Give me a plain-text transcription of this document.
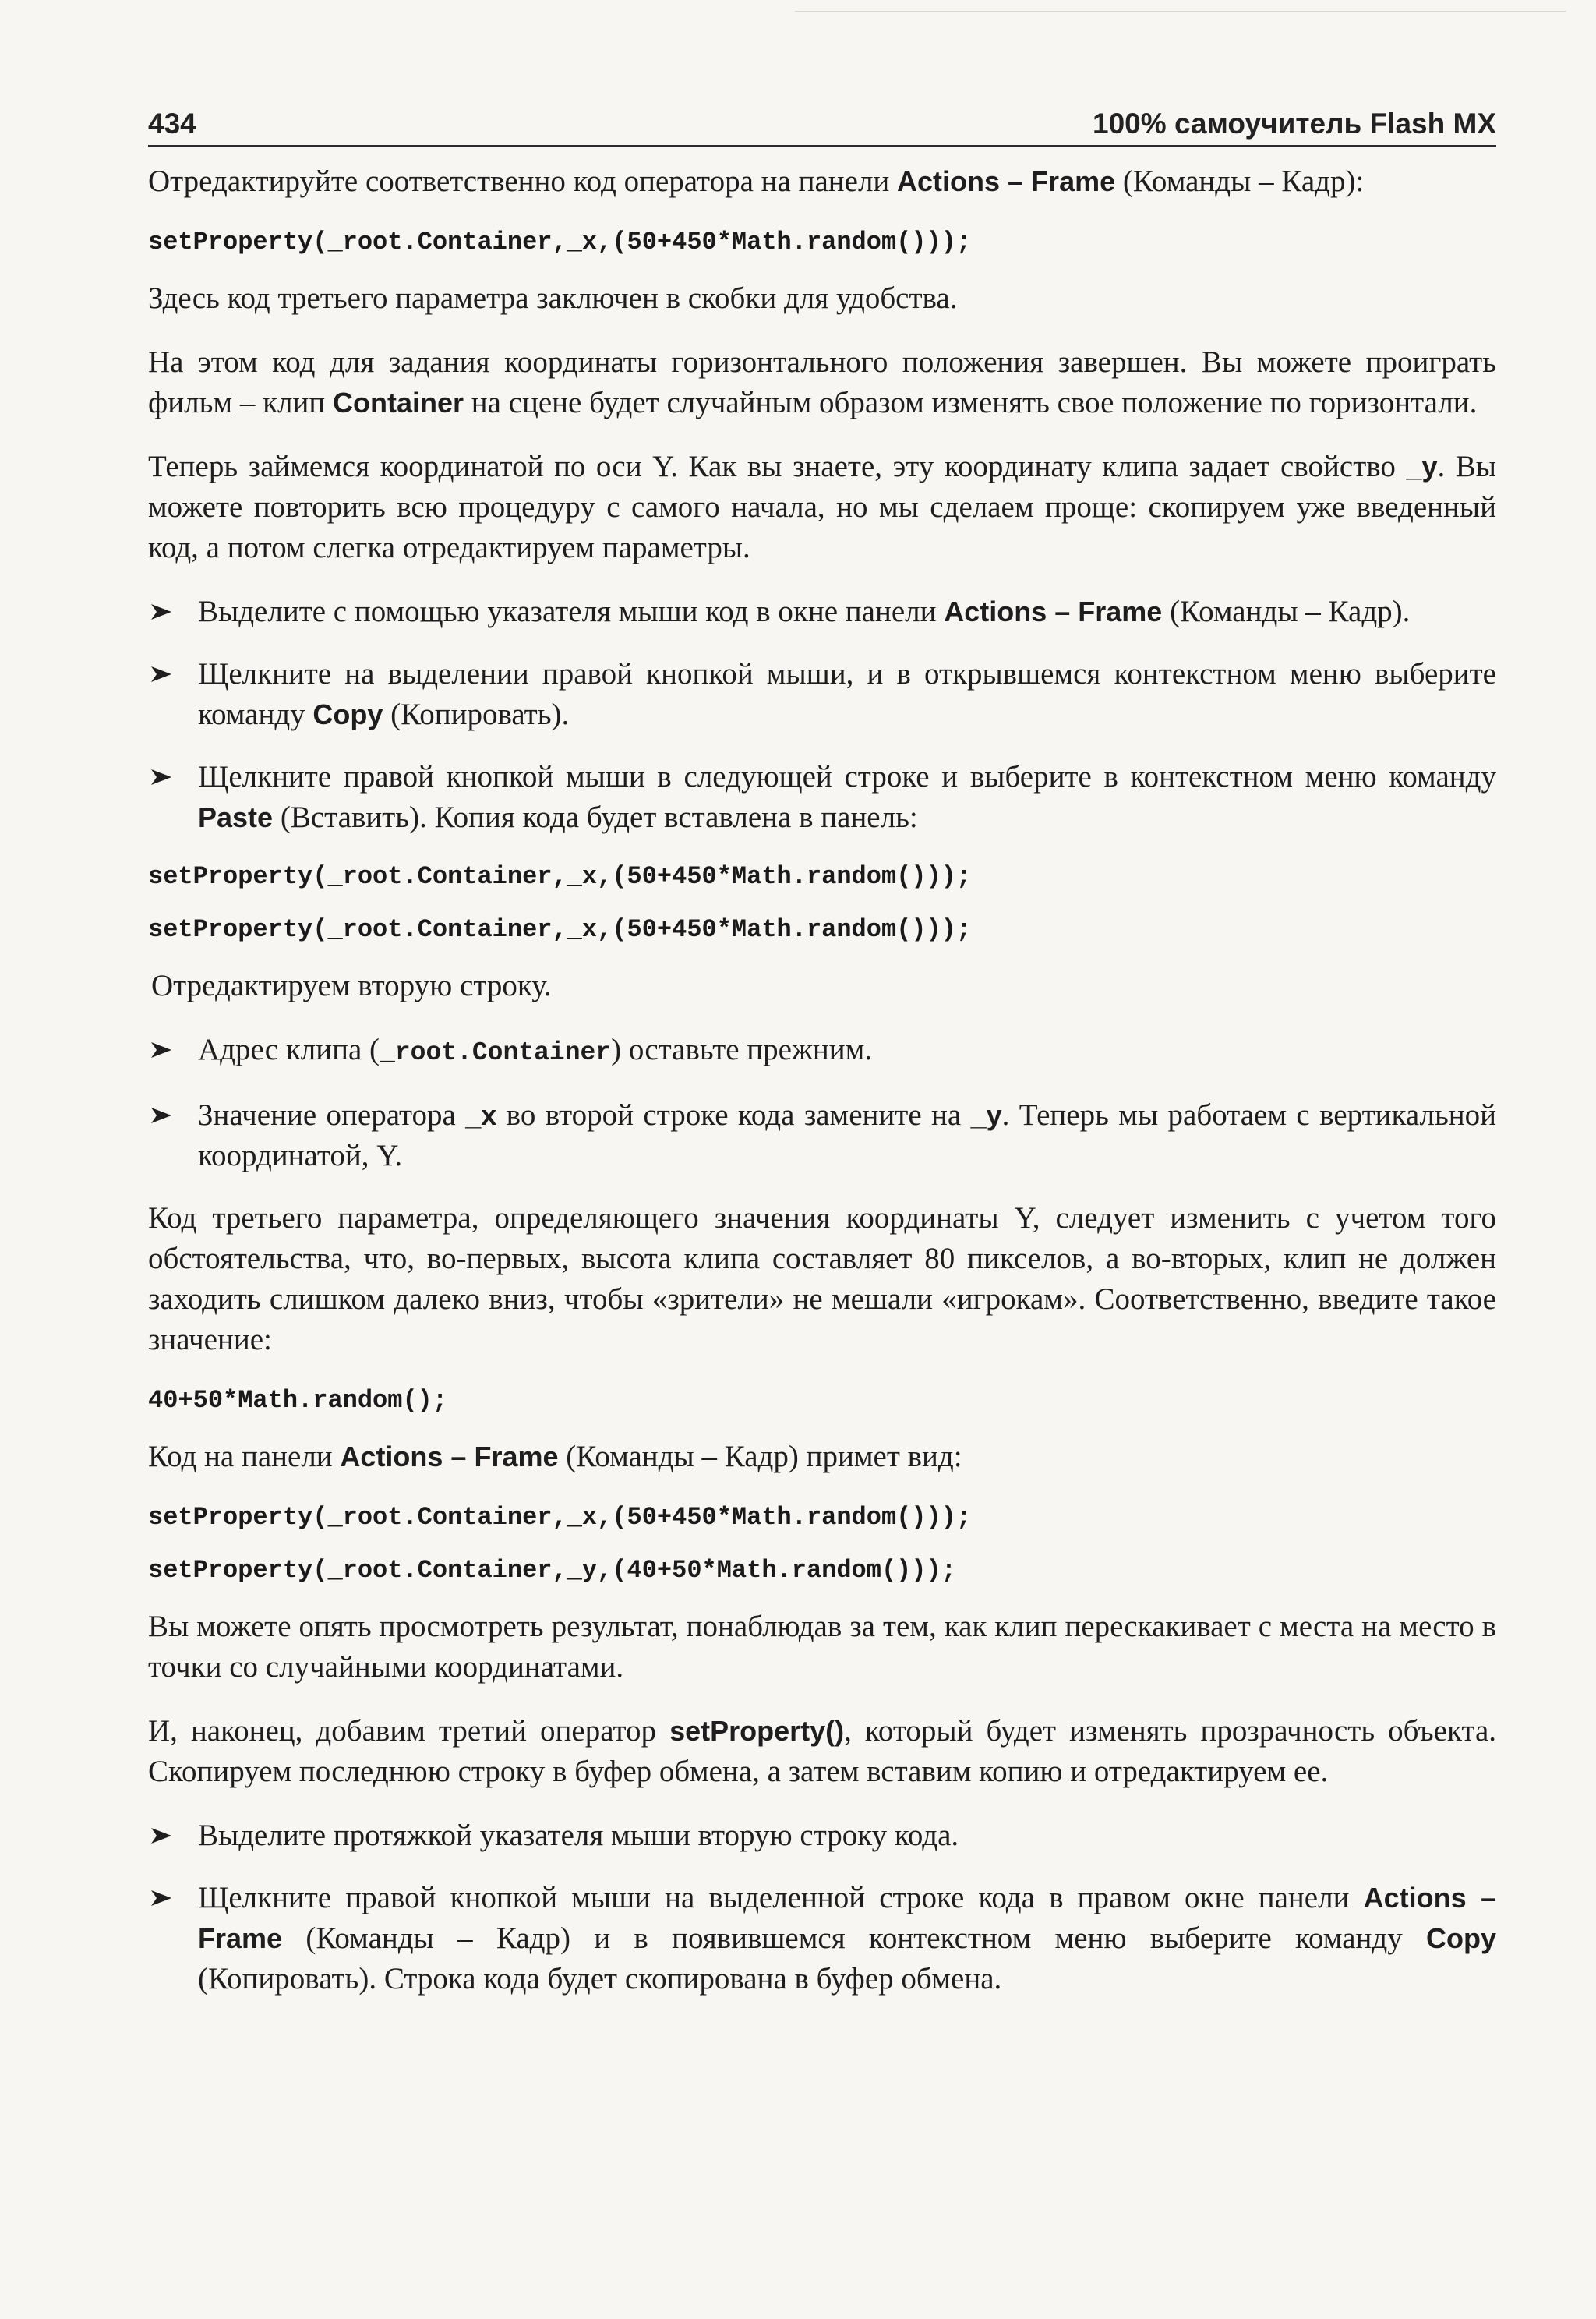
434	100% самоучитель Flash MX

Отредактируйте соответственно код оператора на панели Actions – Frame (Команды – Кадр):

setProperty(_root.Container,_x,(50+450*Math.random()));

Здесь код третьего параметра заключен в скобки для удобства.

На этом код для задания координаты горизонтального положения завершен. Вы можете проиграть фильм – клип Container на сцене будет случайным образом изменять свое положение по горизонтали.

Теперь займемся координатой по оси Y. Как вы знаете, эту координату клипа задает свойство _y. Вы можете повторить всю процедуру с самого начала, но мы сделаем проще: скопируем уже введенный код, а потом слегка отредактируем параметры.

Выделите с помощью указателя мыши код в окне панели Actions – Frame (Команды – Кадр).
Щелкните на выделении правой кнопкой мыши, и в открывшемся контекстном меню выберите команду Copy (Копировать).
Щелкните правой кнопкой мыши в следующей строке и выберите в контекстном меню команду Paste (Вставить). Копия кода будет вставлена в панель:
setProperty(_root.Container,_x,(50+450*Math.random()));
setProperty(_root.Container,_x,(50+450*Math.random()));

Отредактируем вторую строку.

Адрес клипа (_root.Container) оставьте прежним.
Значение оператора _x во второй строке кода замените на _y. Теперь мы работаем с вертикальной координатой, Y.

Код третьего параметра, определяющего значения координаты Y, следует изменить с учетом того обстоятельства, что, во-первых, высота клипа составляет 80 пикселов, а во-вторых, клип не должен заходить слишком далеко вниз, чтобы «зрители» не мешали «игрокам». Соответственно, введите такое значение:

40+50*Math.random();

Код на панели Actions – Frame (Команды – Кадр) примет вид:

setProperty(_root.Container,_x,(50+450*Math.random()));
setProperty(_root.Container,_y,(40+50*Math.random()));

Вы можете опять просмотреть результат, понаблюдав за тем, как клип перескакивает с места на место в точки со случайными координатами.

И, наконец, добавим третий оператор setProperty(), который будет изменять прозрачность объекта. Скопируем последнюю строку в буфер обмена, а затем вставим копию и отредактируем ее.

Выделите протяжкой указателя мыши вторую строку кода.
Щелкните правой кнопкой мыши на выделенной строке кода в правом окне панели Actions – Frame (Команды – Кадр) и в появившемся контекстном меню выберите команду Copy (Копировать). Строка кода будет скопирована в буфер обмена.
